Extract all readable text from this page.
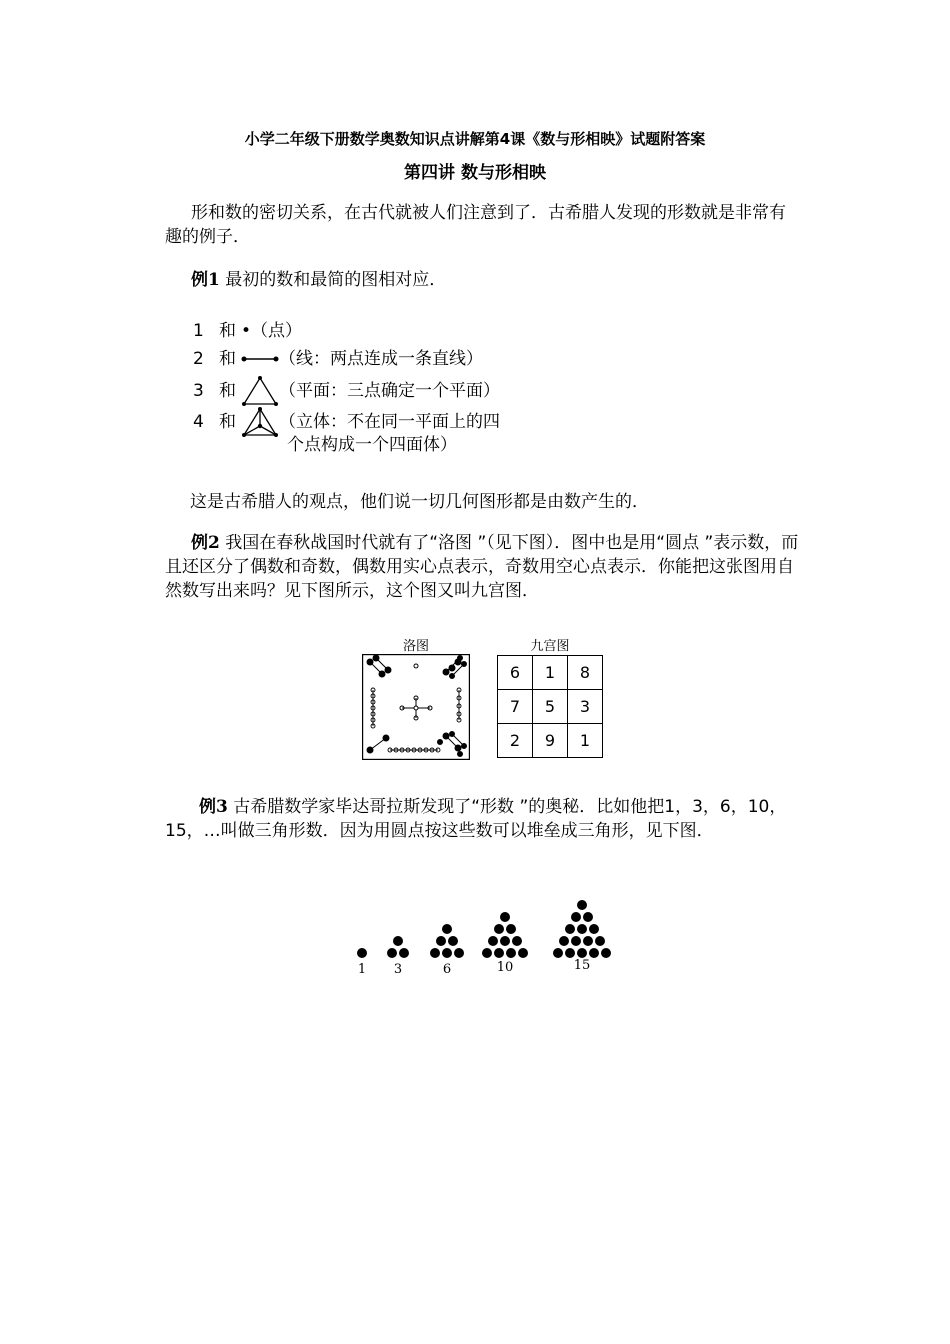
小学二年级下册数学奥数知识点讲解第4课《数与形相映》试题附答案
第四讲 数与形相映
形和数的密切关系，在古代就被人们注意到了．古希腊人发现的形数就是非常有趣的例子．
例1 最初的数和最简的图相对应．
1 和 •（点）
2 和	（线：两点连成一条直线）
3 和	（平面：三点确定一个平面）
4 和	（立体：不在同一平面上的四
个点构成一个四面体）
这是古希腊人的观点，他们说一切几何图形都是由数产生的．
例2 我国在春秋战国时代就有了“洛图 ”（见下图）．图中也是用“圆点 ”表示数，而且还区分了偶数和奇数，偶数用实心点表示，奇数用空心点表示．你能把这张图用自然数写出来吗？见下图所示，这个图又叫九宫图．
洛图	九宫图
6	1	8
7	5	3
2	9	1
例3 古希腊数学家毕达哥拉斯发现了“形数 ”的奥秘．比如他把1，3，6，10，15，…叫做三角形数．因为用圆点按这些数可以堆垒成三角形，见下图．
1	3	6	10	15
